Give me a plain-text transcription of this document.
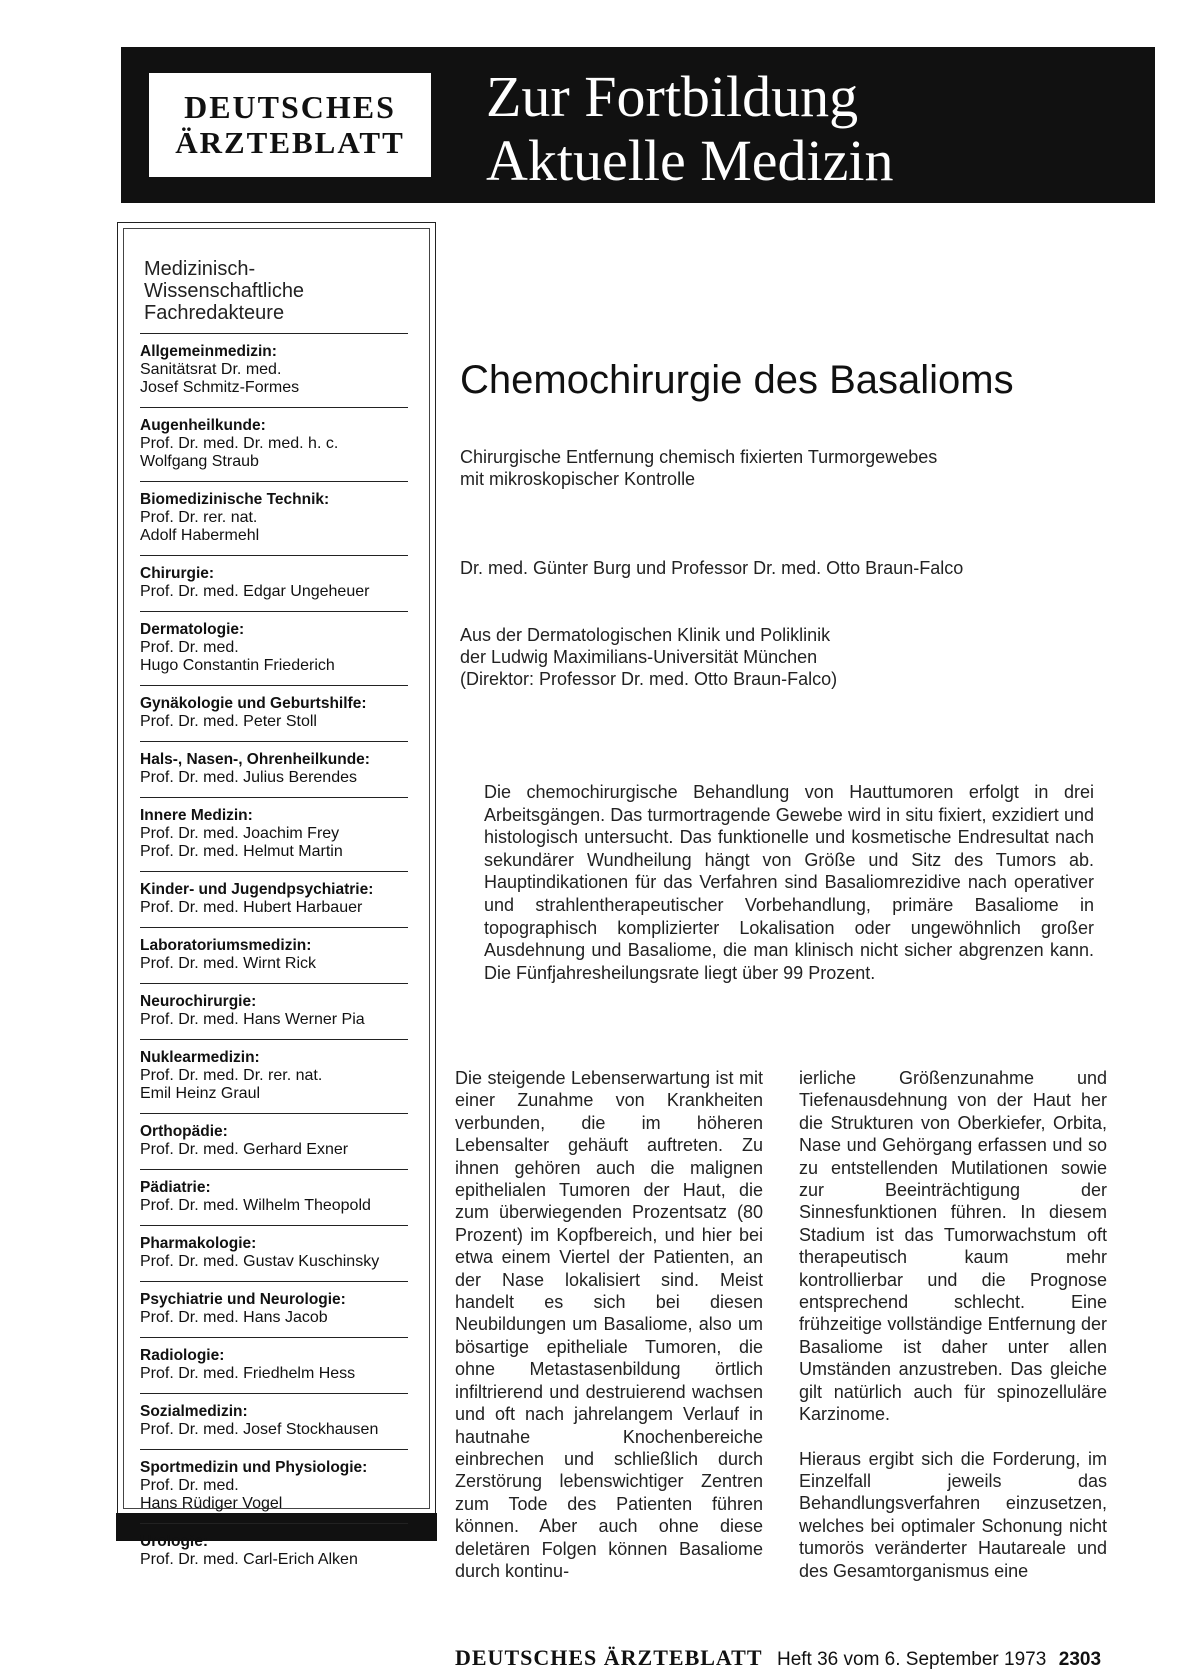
DEUTSCHES
ÄRZTEBLATT
Zur Fortbildung
Aktuelle Medizin
Medizinisch-
Wissenschaftliche
Fachredakteure
Allgemeinmedizin:
Sanitätsrat Dr. med.
Josef Schmitz-Formes
Augenheilkunde:
Prof. Dr. med. Dr. med. h. c.
Wolfgang Straub
Biomedizinische Technik:
Prof. Dr. rer. nat.
Adolf Habermehl
Chirurgie:
Prof. Dr. med. Edgar Ungeheuer
Dermatologie:
Prof. Dr. med.
Hugo Constantin Friederich
Gynäkologie und Geburtshilfe:
Prof. Dr. med. Peter Stoll
Hals-, Nasen-, Ohrenheilkunde:
Prof. Dr. med. Julius Berendes
Innere Medizin:
Prof. Dr. med. Joachim Frey
Prof. Dr. med. Helmut Martin
Kinder- und Jugendpsychiatrie:
Prof. Dr. med. Hubert Harbauer
Laboratoriumsmedizin:
Prof. Dr. med. Wirnt Rick
Neurochirurgie:
Prof. Dr. med. Hans Werner Pia
Nuklearmedizin:
Prof. Dr. med. Dr. rer. nat.
Emil Heinz Graul
Orthopädie:
Prof. Dr. med. Gerhard Exner
Pädiatrie:
Prof. Dr. med. Wilhelm Theopold
Pharmakologie:
Prof. Dr. med. Gustav Kuschinsky
Psychiatrie und Neurologie:
Prof. Dr. med. Hans Jacob
Radiologie:
Prof. Dr. med. Friedhelm Hess
Sozialmedizin:
Prof. Dr. med. Josef Stockhausen
Sportmedizin und Physiologie:
Prof. Dr. med.
Hans Rüdiger Vogel
Urologie:
Prof. Dr. med. Carl-Erich Alken
Chemochirurgie des Basalioms
Chirurgische Entfernung chemisch fixierten Turmorgewebes
mit mikroskopischer Kontrolle
Dr. med. Günter Burg und Professor Dr. med. Otto Braun-Falco
Aus der Dermatologischen Klinik und Poliklinik
der Ludwig Maximilians-Universität München
(Direktor: Professor Dr. med. Otto Braun-Falco)
Die chemochirurgische Behandlung von Hauttumoren erfolgt in drei Arbeitsgängen. Das turmortragende Gewebe wird in situ fixiert, exzidiert und histologisch untersucht. Das funktionelle und kosmetische Endresultat nach sekundärer Wundheilung hängt von Größe und Sitz des Tumors ab. Hauptindikationen für das Verfahren sind Basaliomrezidive nach operativer und strahlentherapeutischer Vorbehandlung, primäre Basaliome in topographisch komplizierter Lokalisation oder ungewöhnlich großer Ausdehnung und Basaliome, die man klinisch nicht sicher abgrenzen kann. Die Fünfjahresheilungsrate liegt über 99 Prozent.

Die steigende Lebenserwartung ist mit einer Zunahme von Krankheiten verbunden, die im höheren Lebensalter gehäuft auftreten. Zu ihnen gehören auch die malignen epithelialen Tumoren der Haut, die zum überwiegenden Prozentsatz (80 Prozent) im Kopfbereich, und hier bei etwa einem Viertel der Patienten, an der Nase lokalisiert sind. Meist handelt es sich bei diesen Neubildungen um Basaliome, also um bösartige epitheliale Tumoren, die ohne Metastasenbildung örtlich infiltrierend und destruierend wachsen und oft nach jahrelangem Verlauf in hautnahe Knochenbereiche einbrechen und schließlich durch Zerstörung lebenswichtiger Zentren zum Tode des Patienten führen können. Aber auch ohne diese deletären Folgen können Basaliome durch kontinu-

ierliche Größenzunahme und Tiefenausdehnung von der Haut her die Strukturen von Oberkiefer, Orbita, Nase und Gehörgang erfassen und so zu entstellenden Mutilationen sowie zur Beeinträchtigung der Sinnesfunktionen führen. In diesem Stadium ist das Tumorwachstum oft therapeutisch kaum mehr kontrollierbar und die Prognose entsprechend schlecht. Eine frühzeitige vollständige Entfernung der Basaliome ist daher unter allen Umständen anzustreben. Das gleiche gilt natürlich auch für spinozelluläre Karzinome.

Hieraus ergibt sich die Forderung, im Einzelfall jeweils das Behandlungsverfahren einzusetzen, welches bei optimaler Schonung nicht tumorös veränderter Hautareale und des Gesamtorganismus eine

DEUTSCHES ÄRZTEBLATT Heft 36 vom 6. September 1973 2303
